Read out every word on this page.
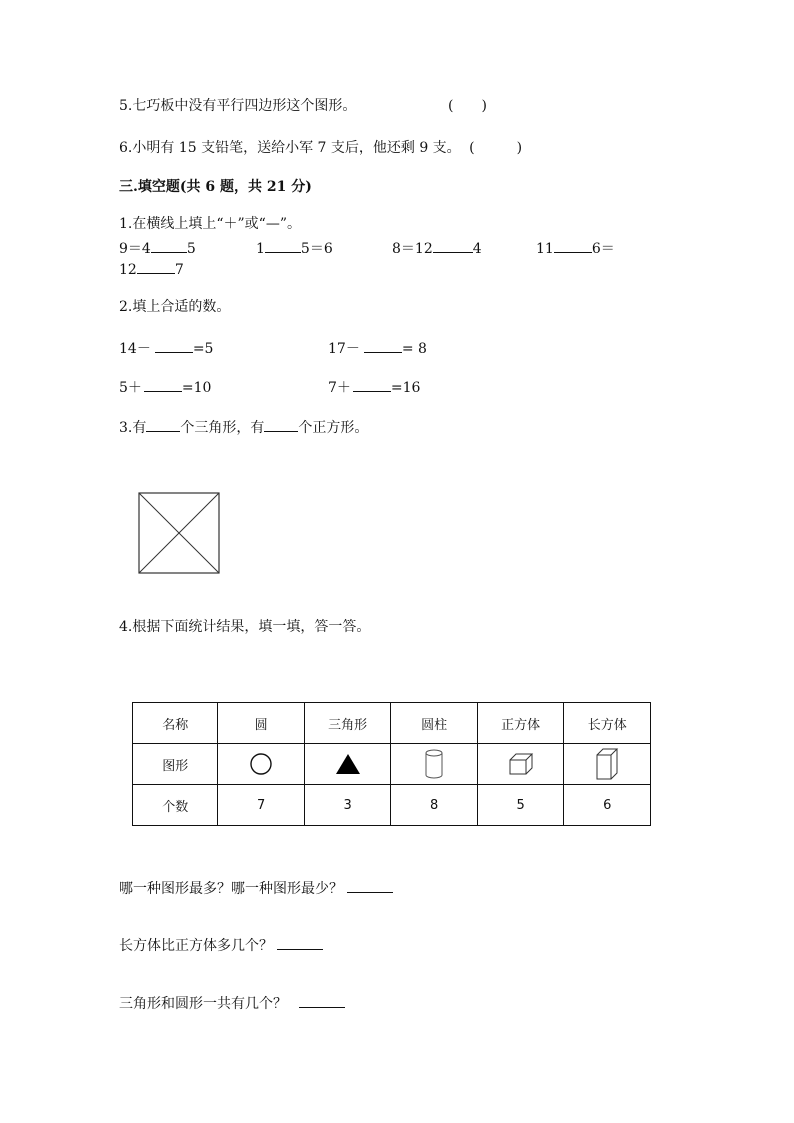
5.七巧板中没有平行四边形这个图形。	(　　)
6.小明有 15 支铅笔，送给小军 7 支后，他还剩 9 支。 (　　　)
三.填空题(共 6 题，共 21 分)
1.在横线上填上“＋”或“—”。
9＝4	5	1	5＝6	8＝12	4	11	6＝
12	7
2.填上合适的数。
14－	=5	17－	= 8
5＋	=10	7＋	=16
3.有 个三角形，有 个正方形。
4.根据下面统计结果，填一填，答一答。
名称	圆	三角形	圆柱	正方体	长方体
图形					
个数	7	3	8	5	6
哪一种图形最多？哪一种图形最少？
长方体比正方体多几个？
三角形和圆形一共有几个？
